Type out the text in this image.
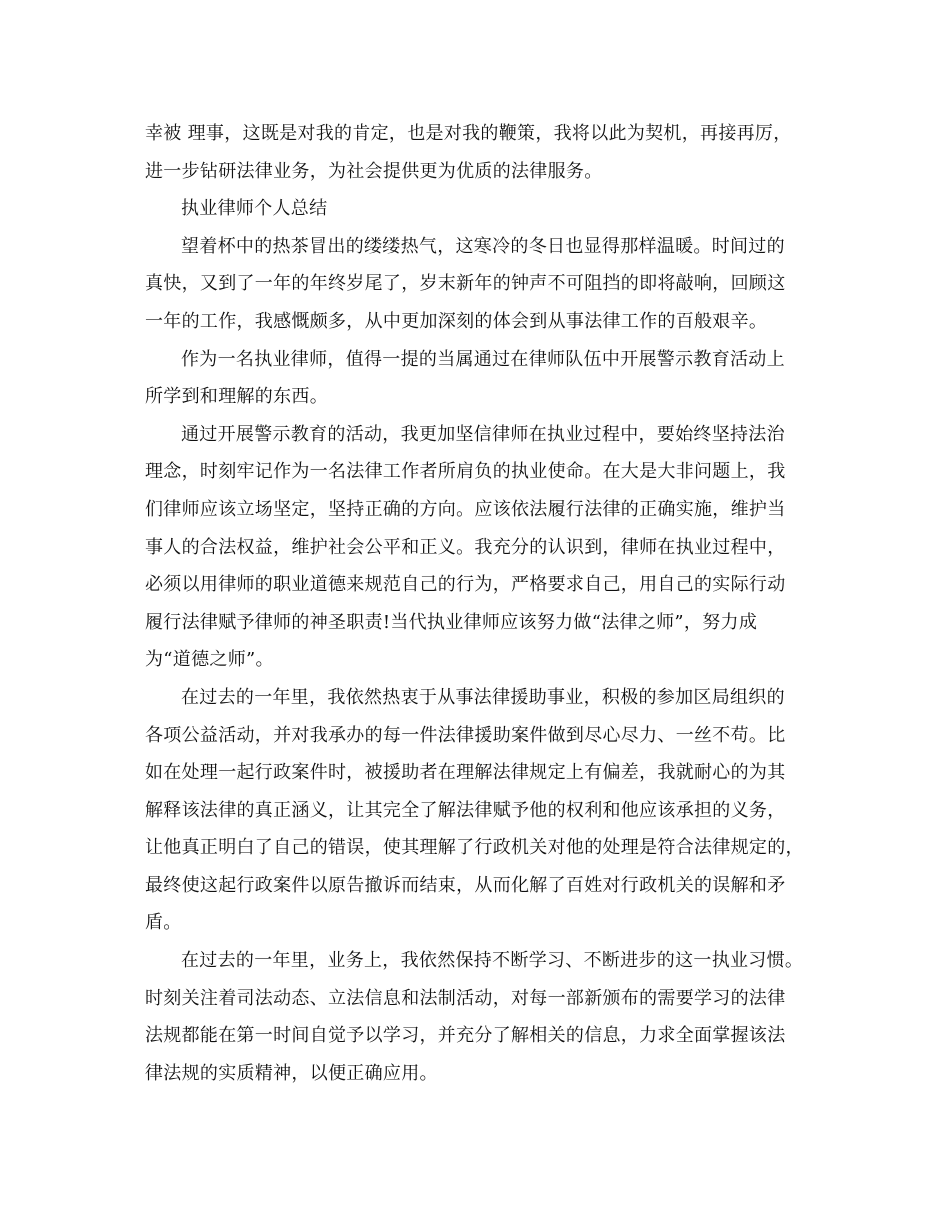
幸被 理事，这既是对我的肯定，也是对我的鞭策，我将以此为契机，再接再厉，
进一步钻研法律业务，为社会提供更为优质的法律服务。
执业律师个人总结
望着杯中的热茶冒出的缕缕热气，这寒冷的冬日也显得那样温暖。时间过的
真快，又到了一年的年终岁尾了，岁末新年的钟声不可阻挡的即将敲响，回顾这
一年的工作，我感慨颇多，从中更加深刻的体会到从事法律工作的百般艰辛。
作为一名执业律师，值得一提的当属通过在律师队伍中开展警示教育活动上
所学到和理解的东西。
通过开展警示教育的活动，我更加坚信律师在执业过程中，要始终坚持法治
理念，时刻牢记作为一名法律工作者所肩负的执业使命。在大是大非问题上，我
们律师应该立场坚定，坚持正确的方向。应该依法履行法律的正确实施，维护当
事人的合法权益，维护社会公平和正义。我充分的认识到，律师在执业过程中，
必须以用律师的职业道德来规范自己的行为，严格要求自己，用自己的实际行动
履行法律赋予律师的神圣职责!当代执业律师应该努力做“法律之师”，努力成
为“道德之师”。
在过去的一年里，我依然热衷于从事法律援助事业，积极的参加区局组织的
各项公益活动，并对我承办的每一件法律援助案件做到尽心尽力、一丝不苟。比
如在处理一起行政案件时，被援助者在理解法律规定上有偏差，我就耐心的为其
解释该法律的真正涵义，让其完全了解法律赋予他的权利和他应该承担的义务，
让他真正明白了自己的错误，使其理解了行政机关对他的处理是符合法律规定的，
最终使这起行政案件以原告撤诉而结束，从而化解了百姓对行政机关的误解和矛
盾。
在过去的一年里，业务上，我依然保持不断学习、不断进步的这一执业习惯。
时刻关注着司法动态、立法信息和法制活动，对每一部新颁布的需要学习的法律
法规都能在第一时间自觉予以学习，并充分了解相关的信息，力求全面掌握该法
律法规的实质精神，以便正确应用。
